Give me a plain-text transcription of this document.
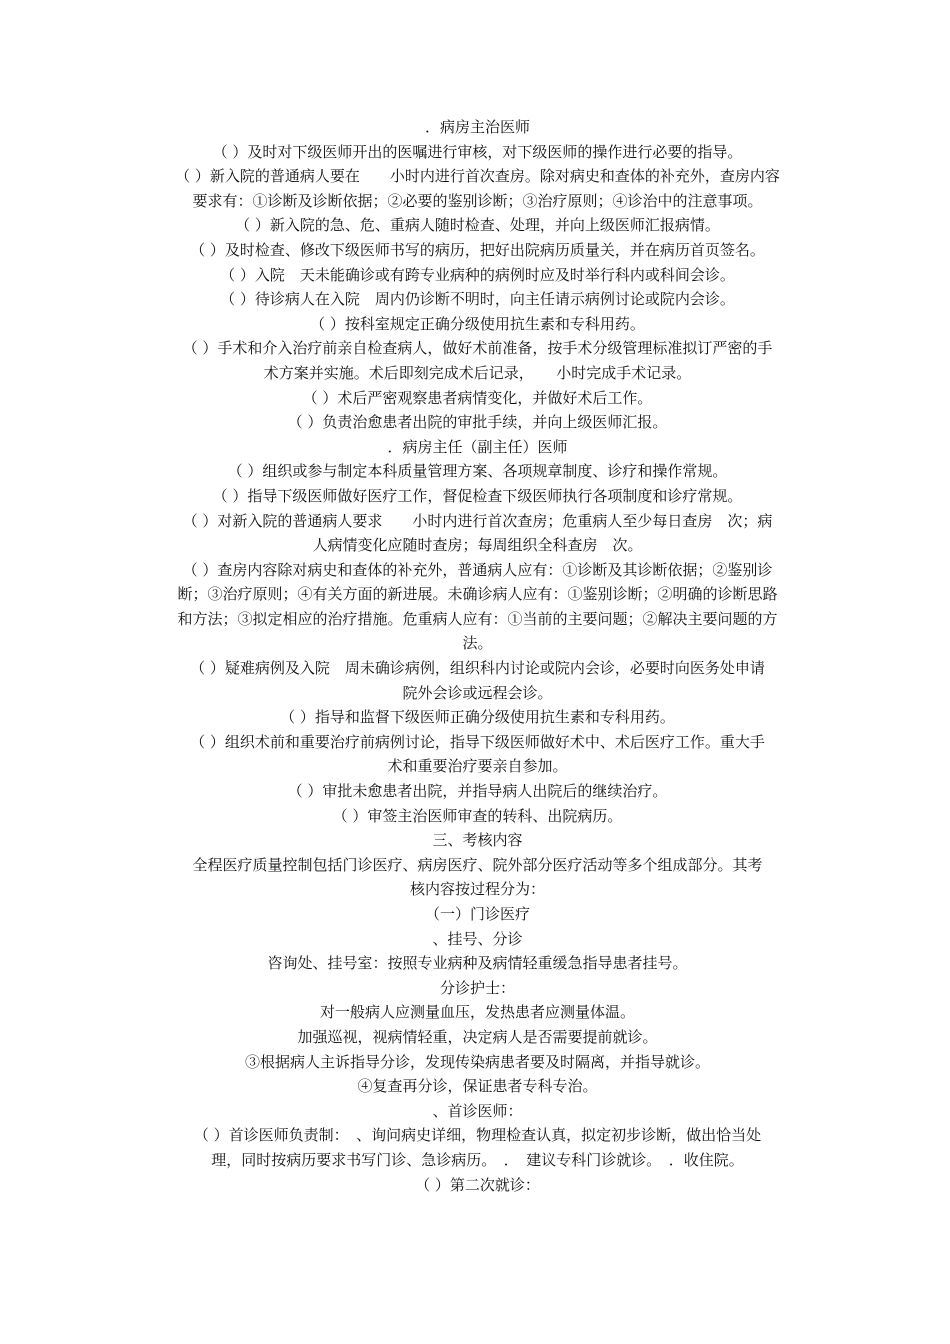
．病房主治医师
（ ）及时对下级医师开出的医嘱进行审核，对下级医师的操作进行必要的指导。
（ ）新入院的普通病人要在　　小时内进行首次查房。除对病史和查体的补充外，查房内容
要求有：①诊断及诊断依据；②必要的鉴别诊断；③治疗原则；④诊治中的注意事项。
（ ）新入院的急、危、重病人随时检查、处理，并向上级医师汇报病情。
（ ）及时检查、修改下级医师书写的病历，把好出院病历质量关，并在病历首页签名。
（ ）入院　天未能确诊或有跨专业病种的病例时应及时举行科内或科间会诊。
（ ）待诊病人在入院　周内仍诊断不明时，向主任请示病例讨论或院内会诊。
（ ）按科室规定正确分级使用抗生素和专科用药。
（ ）手术和介入治疗前亲自检查病人，做好术前准备，按手术分级管理标准拟订严密的手
术方案并实施。术后即刻完成术后记录，　　小时完成手术记录。
（ ）术后严密观察患者病情变化，并做好术后工作。
（ ）负责治愈患者出院的审批手续，并向上级医师汇报。
．病房主任（副主任）医师
（ ）组织或参与制定本科质量管理方案、各项规章制度、诊疗和操作常规。
（ ）指导下级医师做好医疗工作，督促检查下级医师执行各项制度和诊疗常规。
（ ）对新入院的普通病人要求　　小时内进行首次查房；危重病人至少每日查房　次；病
人病情变化应随时查房；每周组织全科查房　次。
（ ）查房内容除对病史和查体的补充外，普通病人应有：①诊断及其诊断依据；②鉴别诊
断；③治疗原则；④有关方面的新进展。未确诊病人应有：①鉴别诊断；②明确的诊断思路
和方法；③拟定相应的治疗措施。危重病人应有：①当前的主要问题；②解决主要问题的方
法。
（ ）疑难病例及入院　周未确诊病例，组织科内讨论或院内会诊，必要时向医务处申请
院外会诊或远程会诊。
（ ）指导和监督下级医师正确分级使用抗生素和专科用药。
（ ）组织术前和重要治疗前病例讨论，指导下级医师做好术中、术后医疗工作。重大手
术和重要治疗要亲自参加。
（ ）审批未愈患者出院，并指导病人出院后的继续治疗。
（ ）审签主治医师审查的转科、出院病历。
三、考核内容
全程医疗质量控制包括门诊医疗、病房医疗、院外部分医疗活动等多个组成部分。其考
核内容按过程分为：
（一）门诊医疗
、挂号、分诊
咨询处、挂号室：按照专业病种及病情轻重缓急指导患者挂号。
分诊护士：
对一般病人应测量血压，发热患者应测量体温。
加强巡视，视病情轻重，决定病人是否需要提前就诊。
③根据病人主诉指导分诊，发现传染病患者要及时隔离，并指导就诊。
④复查再分诊，保证患者专科专治。
、首诊医师：
（ ）首诊医师负责制：　、询问病史详细，物理检查认真，拟定初步诊断，做出恰当处
理，同时按病历要求书写门诊、急诊病历。　．　建议专科门诊就诊。　．收住院。
（ ）第二次就诊：
